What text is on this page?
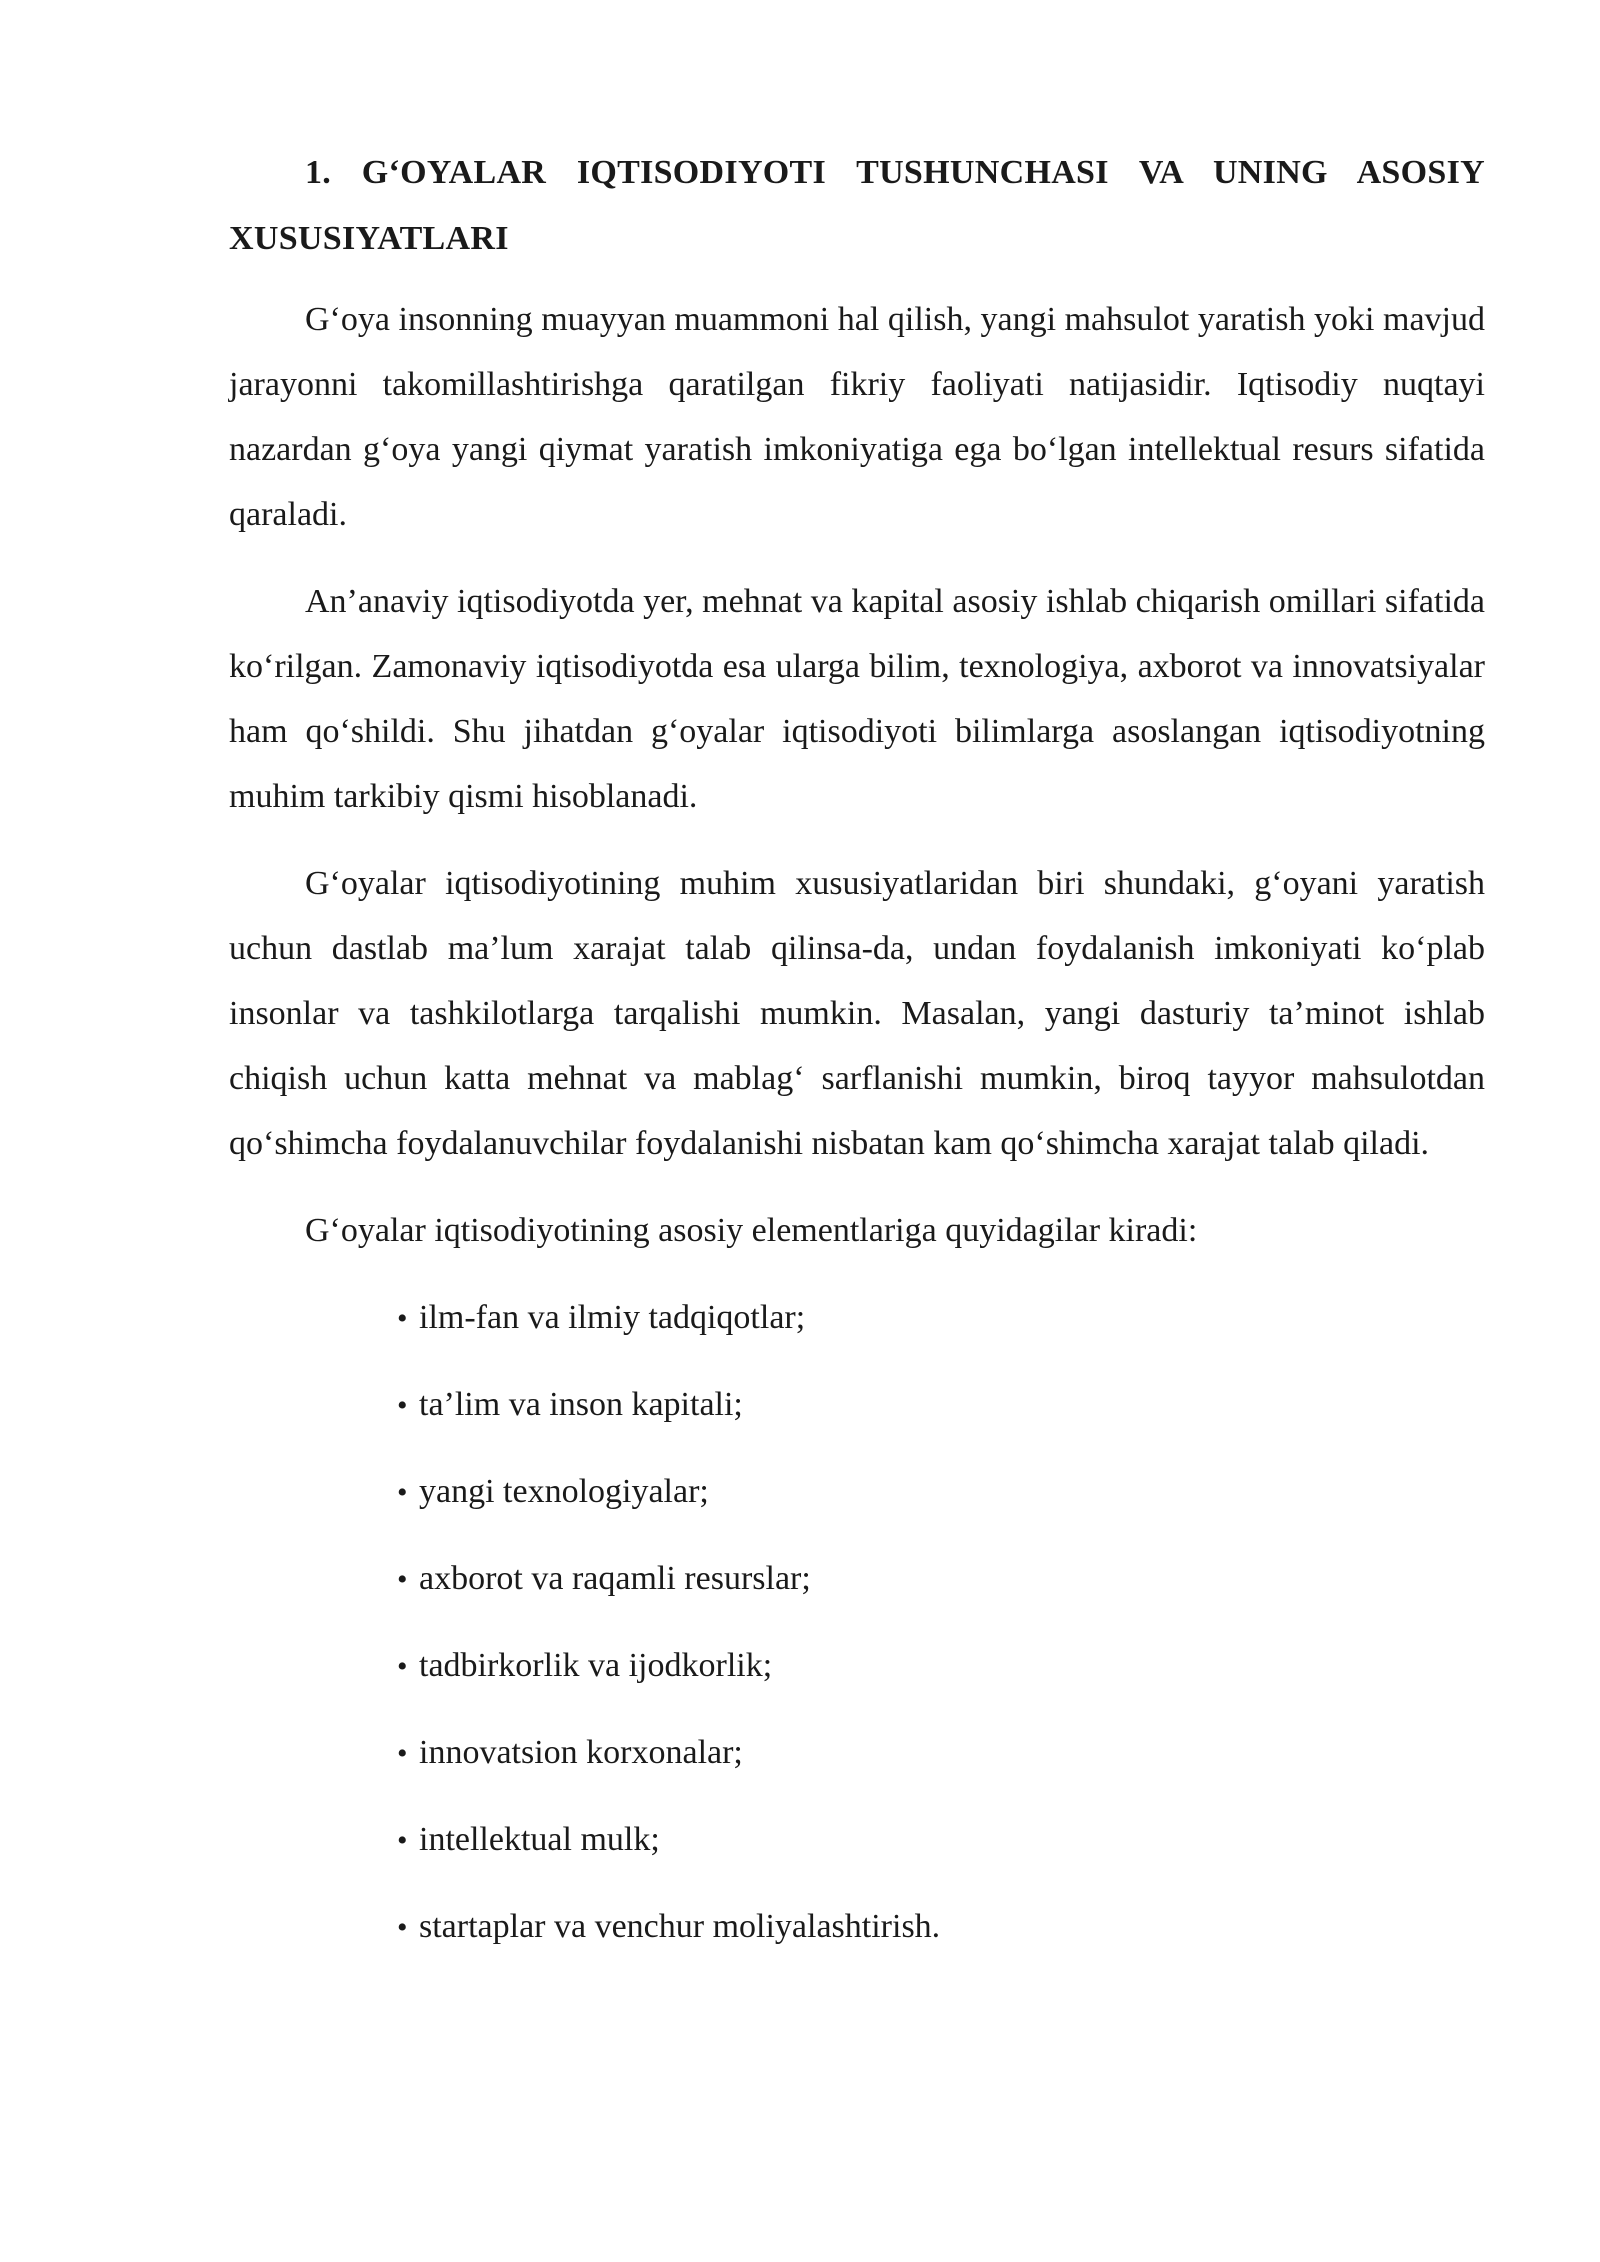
1. G‘OYALAR IQTISODIYOTI TUSHUNCHASI VA UNING ASOSIY XUSUSIYATLARI

G‘oya insonning muayyan muammoni hal qilish, yangi mahsulot yaratish yoki mavjud jarayonni takomillashtirishga qaratilgan fikriy faoliyati natijasidir. Iqtisodiy nuqtayi nazardan g‘oya yangi qiymat yaratish imkoniyatiga ega bo‘lgan intellektual resurs sifatida qaraladi.

An’anaviy iqtisodiyotda yer, mehnat va kapital asosiy ishlab chiqarish omillari sifatida ko‘rilgan. Zamonaviy iqtisodiyotda esa ularga bilim, texnologiya, axborot va innovatsiyalar ham qo‘shildi. Shu jihatdan g‘oyalar iqtisodiyoti bilimlarga asoslangan iqtisodiyotning muhim tarkibiy qismi hisoblanadi.

G‘oyalar iqtisodiyotining muhim xususiyatlaridan biri shundaki, g‘oyani yaratish uchun dastlab ma’lum xarajat talab qilinsa-da, undan foydalanish imkoniyati ko‘plab insonlar va tashkilotlarga tarqalishi mumkin. Masalan, yangi dasturiy ta’minot ishlab chiqish uchun katta mehnat va mablag‘ sarflanishi mumkin, biroq tayyor mahsulotdan qo‘shimcha foydalanuvchilar foydalanishi nisbatan kam qo‘shimcha xarajat talab qiladi.

G‘oyalar iqtisodiyotining asosiy elementlariga quyidagilar kiradi:

• ilm-fan va ilmiy tadqiqotlar;
• ta’lim va inson kapitali;
• yangi texnologiyalar;
• axborot va raqamli resurslar;
• tadbirkorlik va ijodkorlik;
• innovatsion korxonalar;
• intellektual mulk;
• startaplar va venchur moliyalashtirish.
